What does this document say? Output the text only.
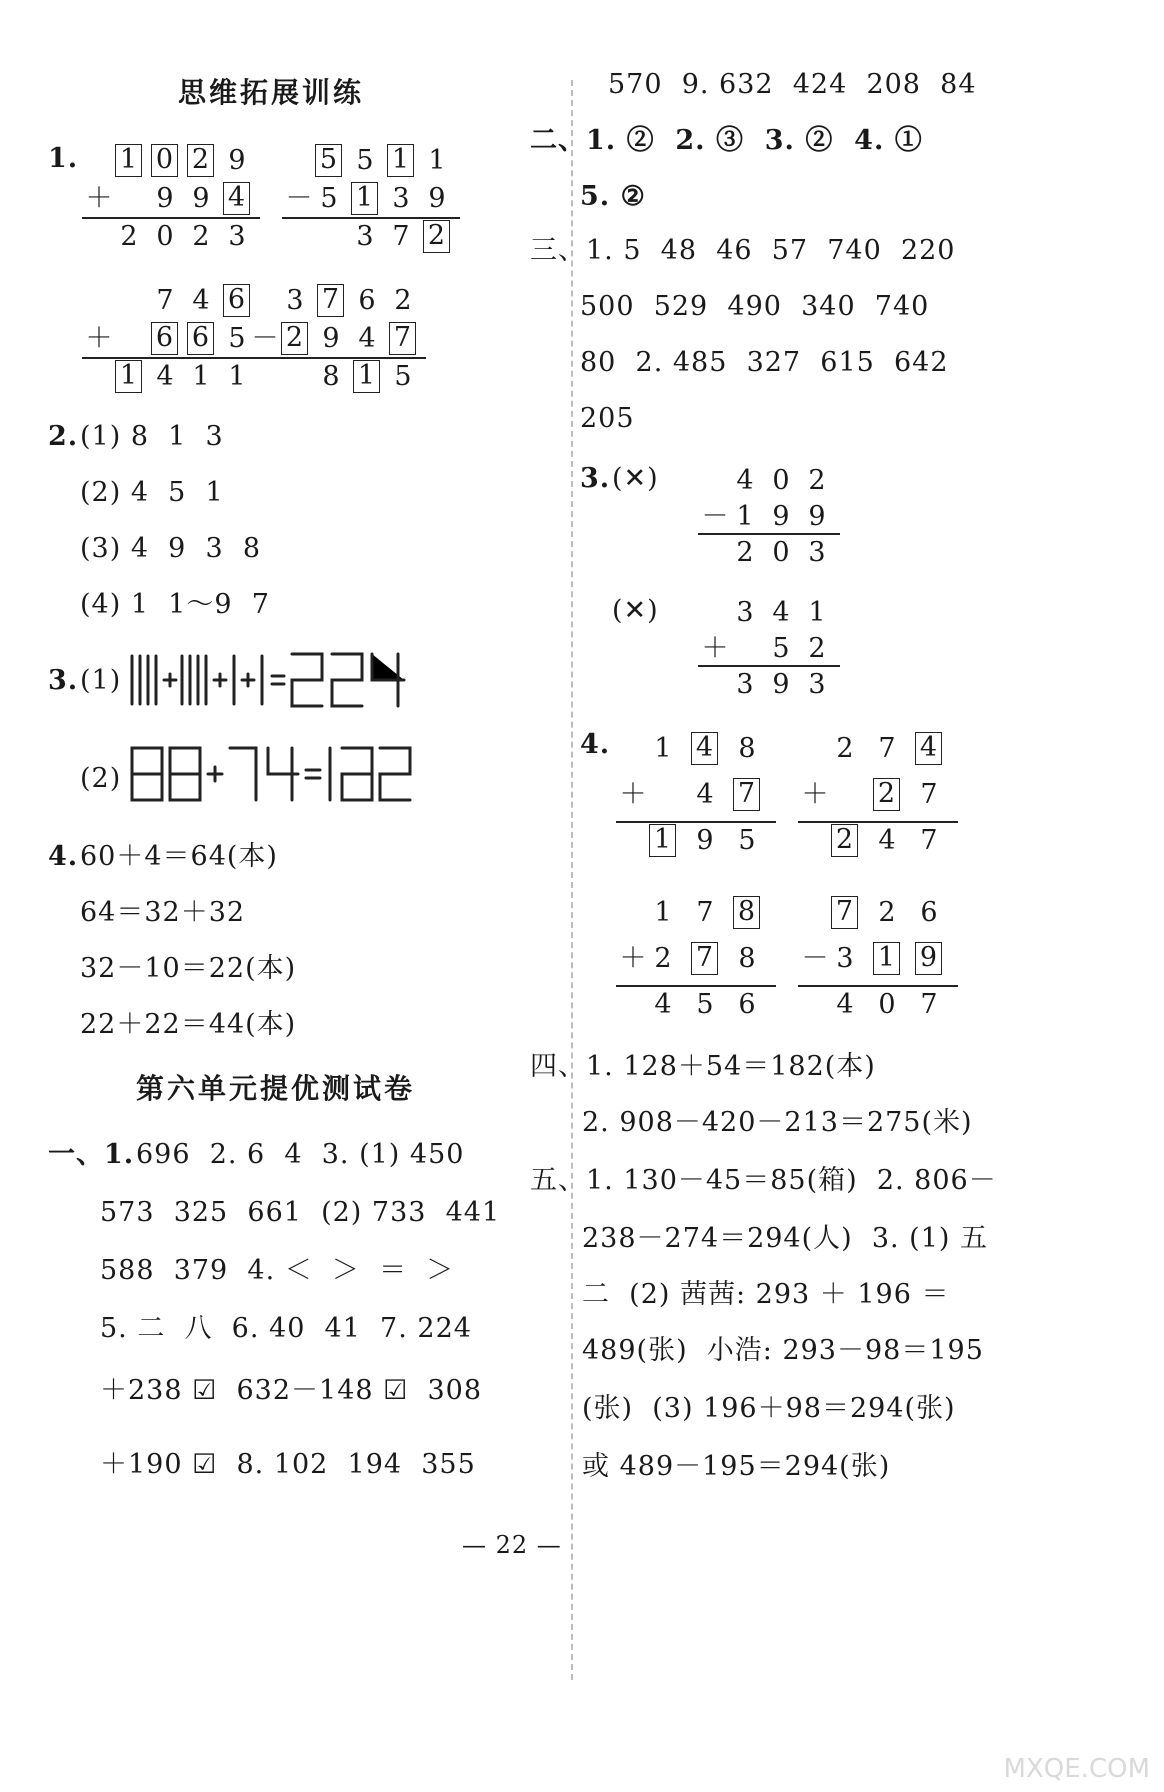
思维拓展训练
1. 1 0 2 9
9 9 4
2 0 2 3
＋
5 5 1 1
5 1 3 9
3 7 2
－
7 4 6
6 6 5
1 4 1 1
＋
3 7 6 2
2 9 4 7
8 1 5
－
2. (1) 8  1  3
(2) 4  5  1
(3) 4  9  3  8
(4) 1  1～9  7
3. (1)
(2)
4. 60＋4＝64(本)
64＝32＋32
32－10＝22(本)
22＋22＝44(本)
第六单元提优测试卷
一、1. 696  2. 6  4  3. (1) 450
573  325  661  (2) 733  441
588  379  4. ＜  ＞  ＝  ＞
5. 二  八  6. 40  41  7. 224
＋238 ☑  632－148 ☑  308
＋190 ☑  8. 102  194  355
570  9. 632  424  208  84
二、1. ②  2. ③  3. ②  4. ①
5. ②
三、1. 5  48  46  57  740  220
500  529  490  340  740
80  2. 485  327  615  642
205
3. (✕)	4 0 2
1 9 9
2 0 3
－
(✕)	3 4 1
5 2
3 9 3
＋
4.	1 4 8
4 7
1 9 5
＋
2 7 4
2 7
2 4 7
＋
1 7 8
2 7 8
4 5 6
＋
7 2 6
3 1 9
4 0 7
－
四、1. 128＋54＝182(本)
2. 908－420－213＝275(米)
五、1. 130－45＝85(箱)  2. 806－
238－274＝294(人)  3. (1) 五
二  (2) 茜茜: 293 ＋ 196 ＝
489(张)  小浩: 293－98＝195
(张)  (3) 196＋98＝294(张)
或 489－195＝294(张)
— 22 —
MXQE.COM
